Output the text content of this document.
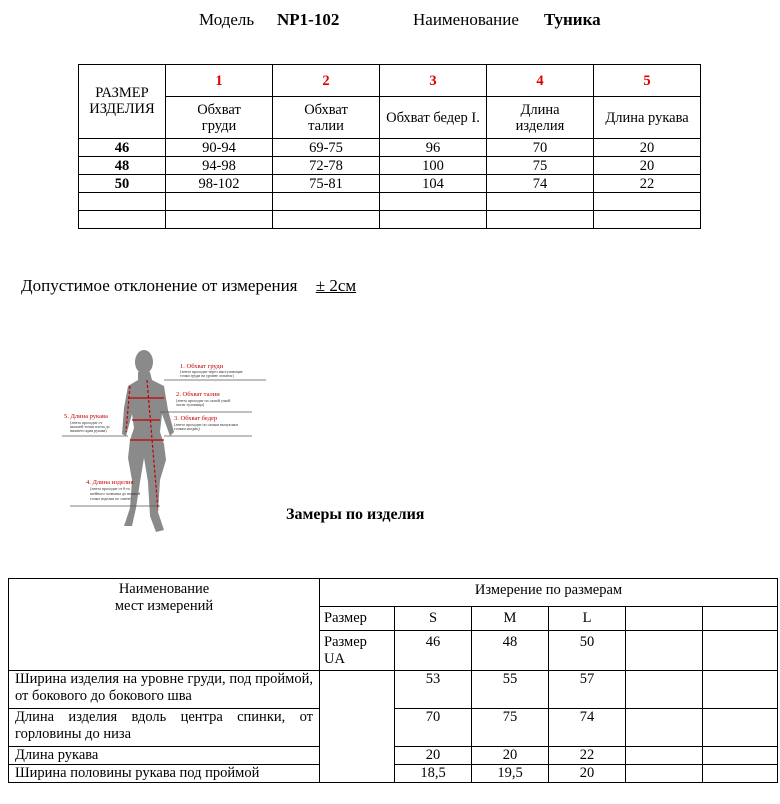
Модель NP1-102	Наименование Туника
РАЗМЕР ИЗДЕЛИЯ	1	2	3	4	5
	Обхват груди	Обхват талии	Обхват бедер I.	Длина изделия	Длина рукава
46	90-94	69-75	96	70	20
48	94-98	72-78	100	75	20
50	98-102	75-81	104	74	22

Допустимое отклонение от измерения ± 2см
1. Обхват груди
2. Обхват талии
3. Обхват бедер
4. Длина изделия
5. Длина рукава
(лента проходит через выступающие
точки груди на уровне лопаток)
(лента проходит по самой узкой
части туловища)
(лента проходит по самым выпуклым
точкам ягодиц)
(лента проходит от 6-го
шейного позвонка до нижней
точки изделия по спине)
(лента проходит от
высшей точки плеча до
нижнего края рукава)
Замеры по изделия
Наименование
мест измерений	Измерение по размерам					
	Размер	S	M	L		
	Размер UA	46	48	50		
Ширина изделия на уровне груди, под проймой, от бокового до бокового шва		53	55	57		
Длина изделия вдоль центра спинки, от горловины до низа		70	75	74		
Длина рукава		20	20	22		
Ширина половины рукава под проймой		18,5	19,5	20		
